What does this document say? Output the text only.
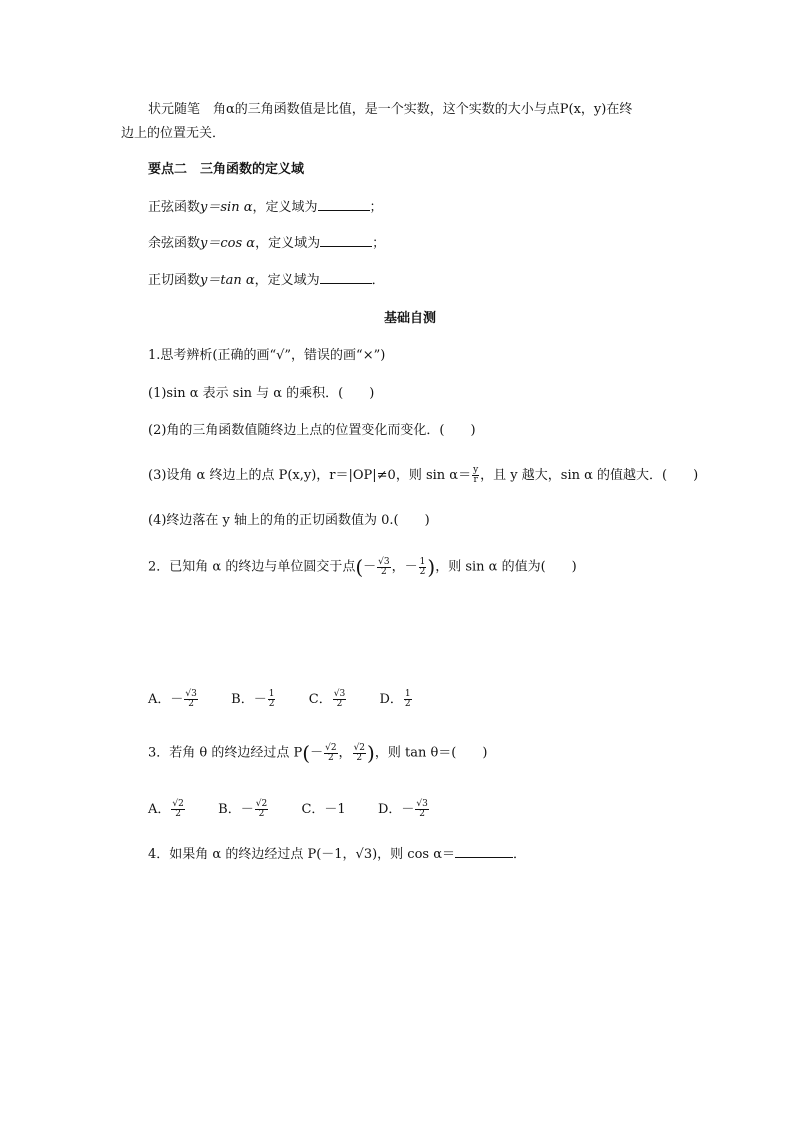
状元随笔　角α的三角函数值是比值，是一个实数，这个实数的大小与点P(x，y)在终
边上的位置无关．
要点二　三角函数的定义域
正弦函数y＝sin α，定义域为	；
余弦函数y＝cos α，定义域为	；
正切函数y＝tan α，定义域为	．
基础自测
1.思考辨析(正确的画“√”，错误的画“×”)
(1)sin α 表示 sin 与 α 的乘积．(　　)
(2)角的三角函数值随终边上点的位置变化而变化．(　　)
(3)设角 α 终边上的点 P(x,y)，r＝|OP|≠0，则 $\sin \alpha= \frac{y}{r}$ ，且 y 越大，sin α 的值越大．(　　)
(4)终边落在 y 轴上的角的正切函数值为 0.(　　)
2．已知角 α 的终边与单位圆交于点(－ $\frac{√3}{2}$ ，－ $\frac{1}{2}$ )，则 sin α 的值为(　　)
A．－ $\frac{√3}{2}$	B．－ $\frac{1}{2}$	C． $\frac{√3}{2}$	D． $\frac{1}{2}$
3．若角 θ 的终边经过点 $P(- \frac{√2}{2}$ ， $\frac{√2}{2}$ )，则 tan θ＝(　　)
A． $\frac{√2}{2}$	B．－ $\frac{√2}{2}$	C．－1 D．－ $\frac{√3}{2}$
4．如果角 α 的终边经过点 P(－1，√3)，则 cos α＝	．
